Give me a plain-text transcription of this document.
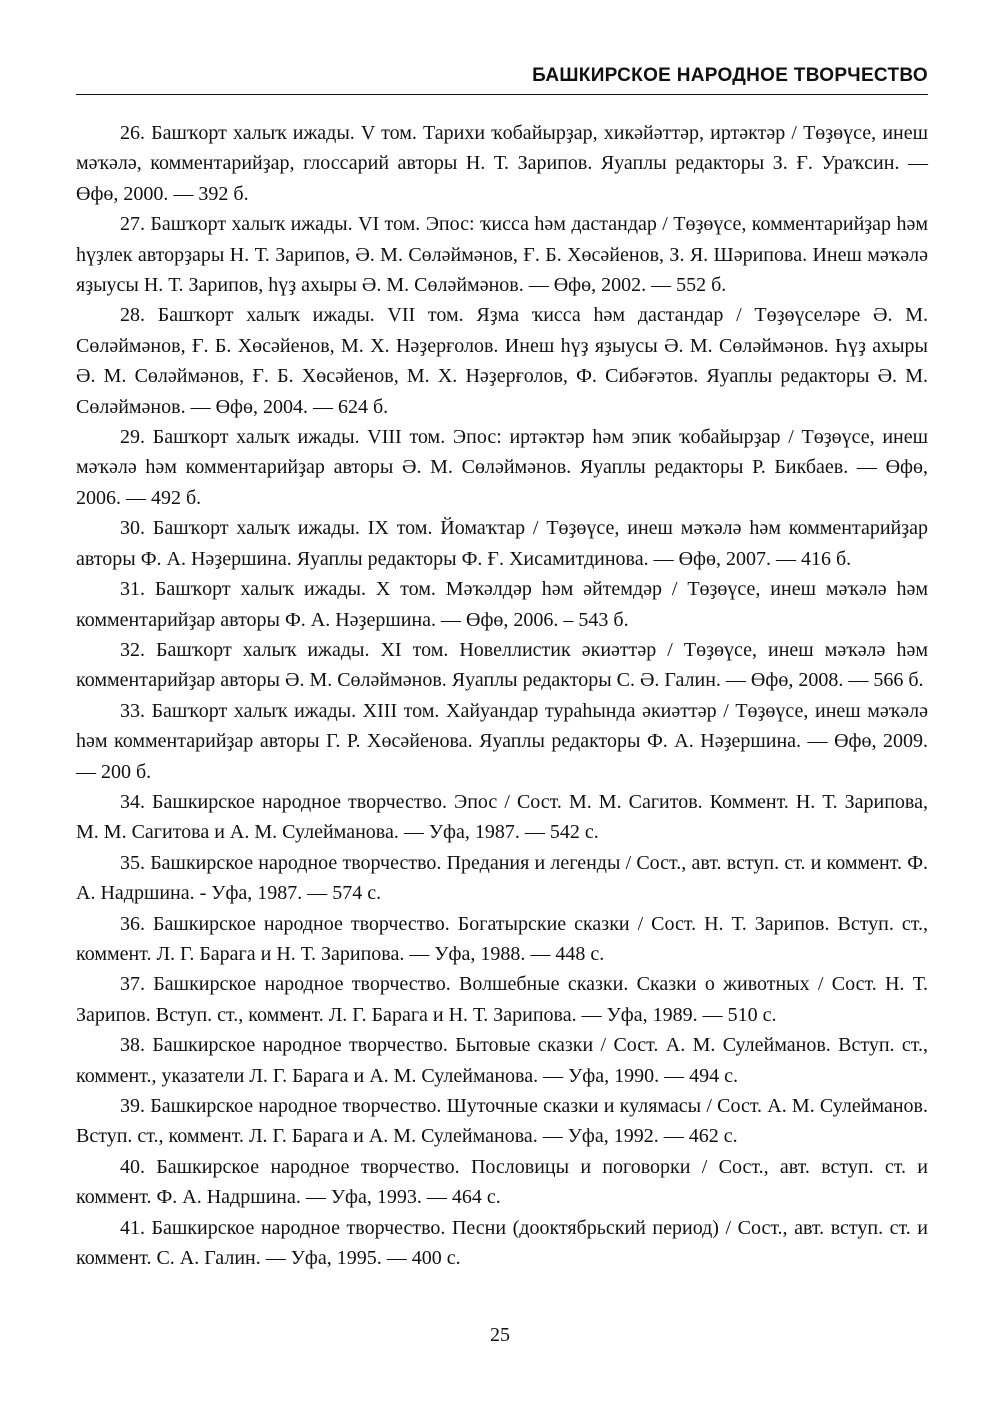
БАШКИРСКОЕ НАРОДНОЕ ТВОРЧЕСТВО

26. Башҡорт халыҡ ижады. V том. Тарихи ҡобайырҙар, хикәйәттәр, иртәктәр / Төҙөүсе, инеш мәҡәлә, комментарийҙар, глоссарий авторы Н. Т. Зарипов. Яуаплы редакторы З. Ғ. Ураҡсин. — Өфө, 2000. — 392 б.

27. Башҡорт халыҡ ижады. VI том. Эпос: ҡисса һәм дастандар / Төҙөүсе, комментарийҙар һәм һүҙлек авторҙары Н. Т. Зарипов, Ә. М. Сөләймәнов, Ғ. Б. Хөсәйенов, З. Я. Шәрипова. Инеш мәҡәлә яҙыусы Н. Т. Зарипов, һүҙ ахыры Ә. М. Сөләймәнов. — Өфө, 2002. — 552 б.

28. Башҡорт халыҡ ижады. VII том. Яҙма ҡисса һәм дастандар / Төҙөүселәре Ә. М. Сөләймәнов, Ғ. Б. Хөсәйенов, М. Х. Нәҙерғолов. Инеш һүҙ яҙыусы Ә. М. Сөләймәнов. Һүҙ ахыры Ә. М. Сөләймәнов, Ғ. Б. Хөсәйенов, М. Х. Нәҙерғолов, Ф. Сибәғәтов. Яуаплы редакторы Ә. М. Сөләймәнов. — Өфө, 2004. — 624 б.

29. Башҡорт халыҡ ижады. VIII том. Эпос: иртәктәр һәм эпик ҡобайырҙар / Төҙөүсе, инеш мәҡәлә һәм комментарийҙар авторы Ә. М. Сөләймәнов. Яуаплы редакторы Р. Бикбаев. — Өфө, 2006. — 492 б.

30. Башҡорт халыҡ ижады. IX том. Йомаҡтар / Төҙөүсе, инеш мәҡәлә һәм комментарийҙар авторы Ф. А. Нәҙершина. Яуаплы редакторы Ф. Ғ. Хисамитдинова. — Өфө, 2007. — 416 б.

31. Башҡорт халыҡ ижады. X том. Мәҡәлдәр һәм әйтемдәр / Төҙөүсе, инеш мәҡәлә һәм комментарийҙар авторы Ф. А. Нәҙершина. — Өфө, 2006. – 543 б.

32. Башҡорт халыҡ ижады. XI том. Новеллистик әкиәттәр / Төҙөүсе, инеш мәҡәлә һәм комментарийҙар авторы Ә. М. Сөләймәнов. Яуаплы редакторы С. Ә. Галин. — Өфө, 2008. — 566 б.

33. Башҡорт халыҡ ижады. XIII том. Хайуандар тураһында әкиәттәр / Төҙөүсе, инеш мәҡәлә һәм комментарийҙар авторы Г. Р. Хөсәйенова. Яуаплы редакторы Ф. А. Нәҙершина. — Өфө, 2009. — 200 б.

34. Башкирское народное творчество. Эпос / Сост. М. М. Сагитов. Коммент. Н. Т. Зарипова, М. М. Сагитова и А. М. Сулейманова. — Уфа, 1987. — 542 с.

35. Башкирское народное творчество. Предания и легенды / Сост., авт. вступ. ст. и коммент. Ф. А. Надршина. - Уфа, 1987. — 574 с.

36. Башкирское народное творчество. Богатырские сказки / Сост. Н. Т. Зарипов. Вступ. ст., коммент. Л. Г. Барага и Н. Т. Зарипова. — Уфа, 1988. — 448 с.

37. Башкирское народное творчество. Волшебные сказки. Сказки о животных / Сост. Н. Т. Зарипов. Вступ. ст., коммент. Л. Г. Барага и Н. Т. Зарипова. — Уфа, 1989. — 510 с.

38. Башкирское народное творчество. Бытовые сказки / Сост. А. М. Сулейманов. Вступ. ст., коммент., указатели Л. Г. Барага и А. М. Сулейманова. — Уфа, 1990. — 494 с.

39. Башкирское народное творчество. Шуточные сказки и кулямасы / Сост. А. М. Сулейманов. Вступ. ст., коммент. Л. Г. Барага и А. М. Сулейманова. — Уфа, 1992. — 462 с.

40. Башкирское народное творчество. Пословицы и поговорки / Сост., авт. вступ. ст. и коммент. Ф. А. Надршина. — Уфа, 1993. — 464 с.

41. Башкирское народное творчество. Песни (дооктябрьский период) / Сост., авт. вступ. ст. и коммент. С. А. Галин. — Уфа, 1995. — 400 с.

25
